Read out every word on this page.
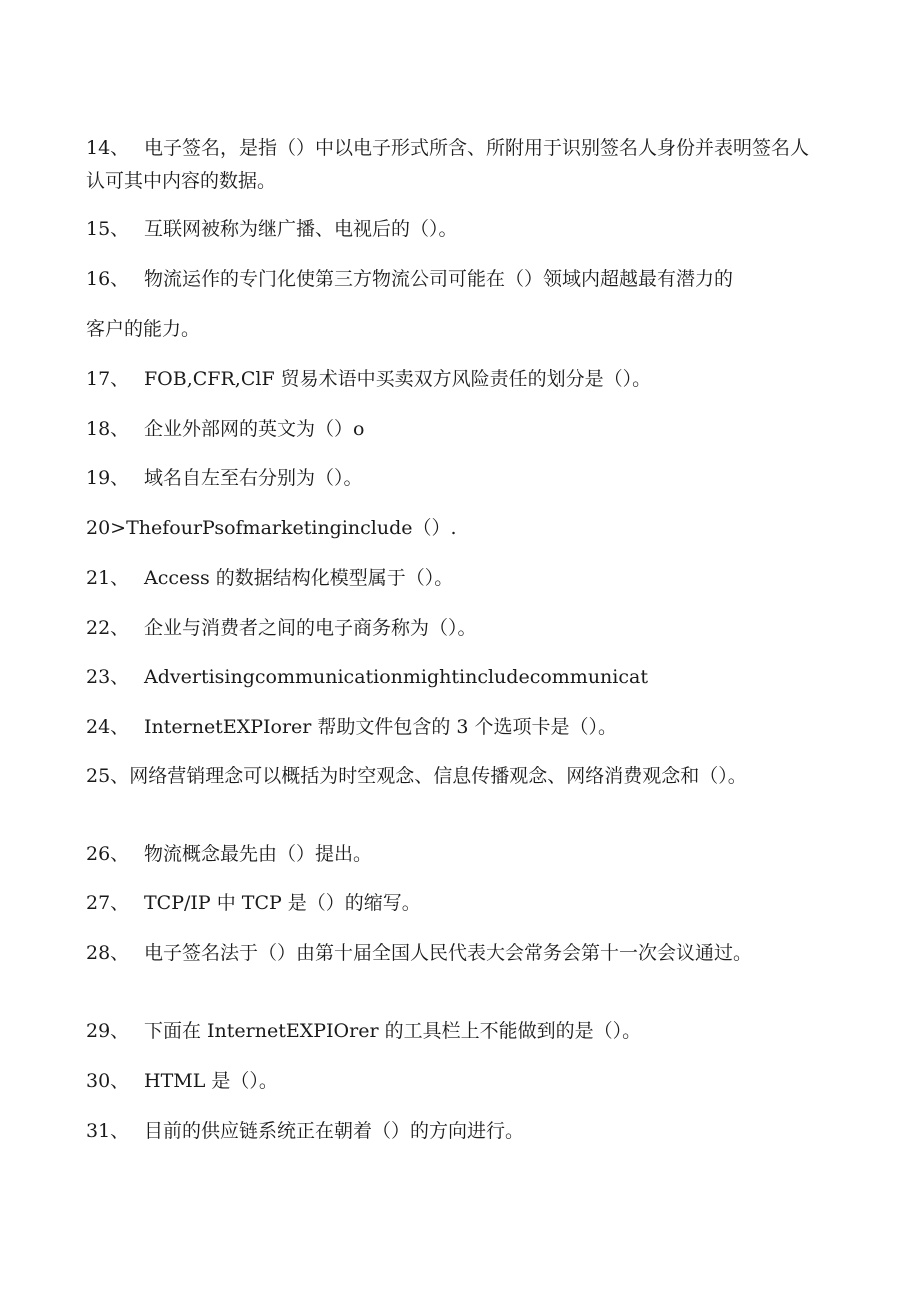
14、 电子签名，是指（）中以电子形式所含、所附用于识别签名人身份并表明签名人认可其中内容的数据。

15、 互联网被称为继广播、电视后的（）。

16、 物流运作的专门化使第三方物流公司可能在（）领域内超越最有潜力的

客户的能力。

17、 FOB,CFR,ClF 贸易术语中买卖双方风险责任的划分是（）。

18、 企业外部网的英文为（）o

19、 域名自左至右分别为（）。

20>ThefourPsofmarketinginclude（）.

21、 Access 的数据结构化模型属于（）。

22、 企业与消费者之间的电子商务称为（）。

23、 Advertisingcommunicationmightincludecommunicat

24、 InternetEXPIorer 帮助文件包含的 3 个选项卡是（）。

25、网络营销理念可以概括为时空观念、信息传播观念、网络消费观念和（）。

26、 物流概念最先由（）提出。

27、 TCP/IP 中 TCP 是（）的缩写。

28、 电子签名法于（）由第十届全国人民代表大会常务会第十一次会议通过。

29、 下面在 InternetEXPIOrer 的工具栏上不能做到的是（）。

30、 HTML 是（）。

31、 目前的供应链系统正在朝着（）的方向进行。
